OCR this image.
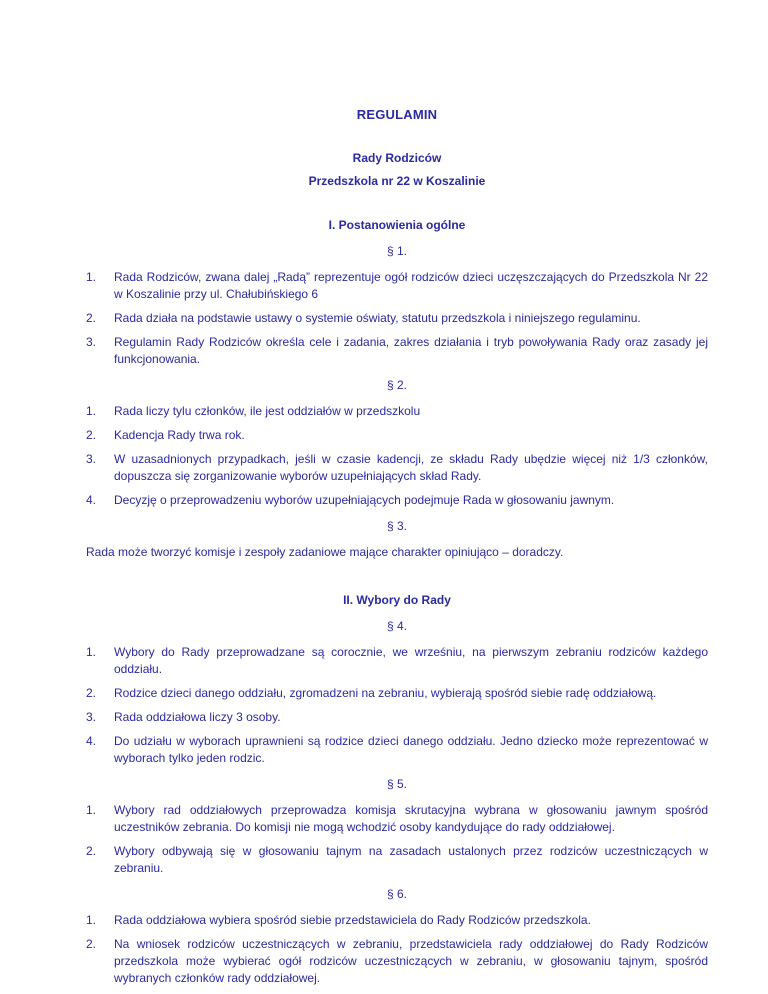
REGULAMIN
Rady Rodziców
Przedszkola nr 22 w Koszalinie
I. Postanowienia ogólne
§ 1.
1.	Rada Rodziców, zwana dalej „Radą” reprezentuje ogół rodziców dzieci uczęszczających do Przedszkola Nr 22 w Koszalinie przy ul. Chałubińskiego 6
2.	Rada działa na podstawie ustawy o systemie oświaty, statutu przedszkola i niniejszego regulaminu.
3.	Regulamin Rady Rodziców określa cele i zadania, zakres działania i tryb powoływania Rady oraz zasady jej funkcjonowania.
§ 2.
1.	Rada liczy tylu członków, ile jest oddziałów w przedszkolu
2.	Kadencja Rady trwa rok.
3.	W uzasadnionych przypadkach, jeśli w czasie kadencji, ze składu Rady ubędzie więcej niż 1/3 członków, dopuszcza się zorganizowanie wyborów uzupełniających skład Rady.
4.	Decyzję o przeprowadzeniu wyborów uzupełniających podejmuje Rada w głosowaniu jawnym.
§ 3.
Rada może tworzyć komisje i zespoły zadaniowe mające charakter opiniująco – doradczy.
II. Wybory do Rady
§ 4.
1.	Wybory do Rady przeprowadzane są corocznie, we wrześniu, na pierwszym zebraniu rodziców każdego oddziału.
2.	Rodzice dzieci danego oddziału, zgromadzeni na zebraniu, wybierają spośród siebie radę oddziałową.
3.	Rada oddziałowa liczy 3 osoby.
4.	Do udziału w wyborach uprawnieni są rodzice dzieci danego oddziału. Jedno dziecko może reprezentować w wyborach tylko jeden rodzic.
§ 5.
1.	Wybory rad oddziałowych przeprowadza komisja skrutacyjna wybrana w głosowaniu jawnym spośród uczestników zebrania. Do komisji nie mogą wchodzić osoby kandydujące do rady oddziałowej.
2.	Wybory odbywają się w głosowaniu tajnym na zasadach ustalonych przez rodziców uczestniczących w zebraniu.
§ 6.
1.	Rada oddziałowa wybiera spośród siebie przedstawiciela do Rady Rodziców przedszkola.
2.	Na wniosek rodziców uczestniczących w zebraniu, przedstawiciela rady oddziałowej do Rady Rodziców przedszkola może wybierać ogół rodziców uczestniczących w zebraniu, w głosowaniu tajnym, spośród wybranych członków rady oddziałowej.
